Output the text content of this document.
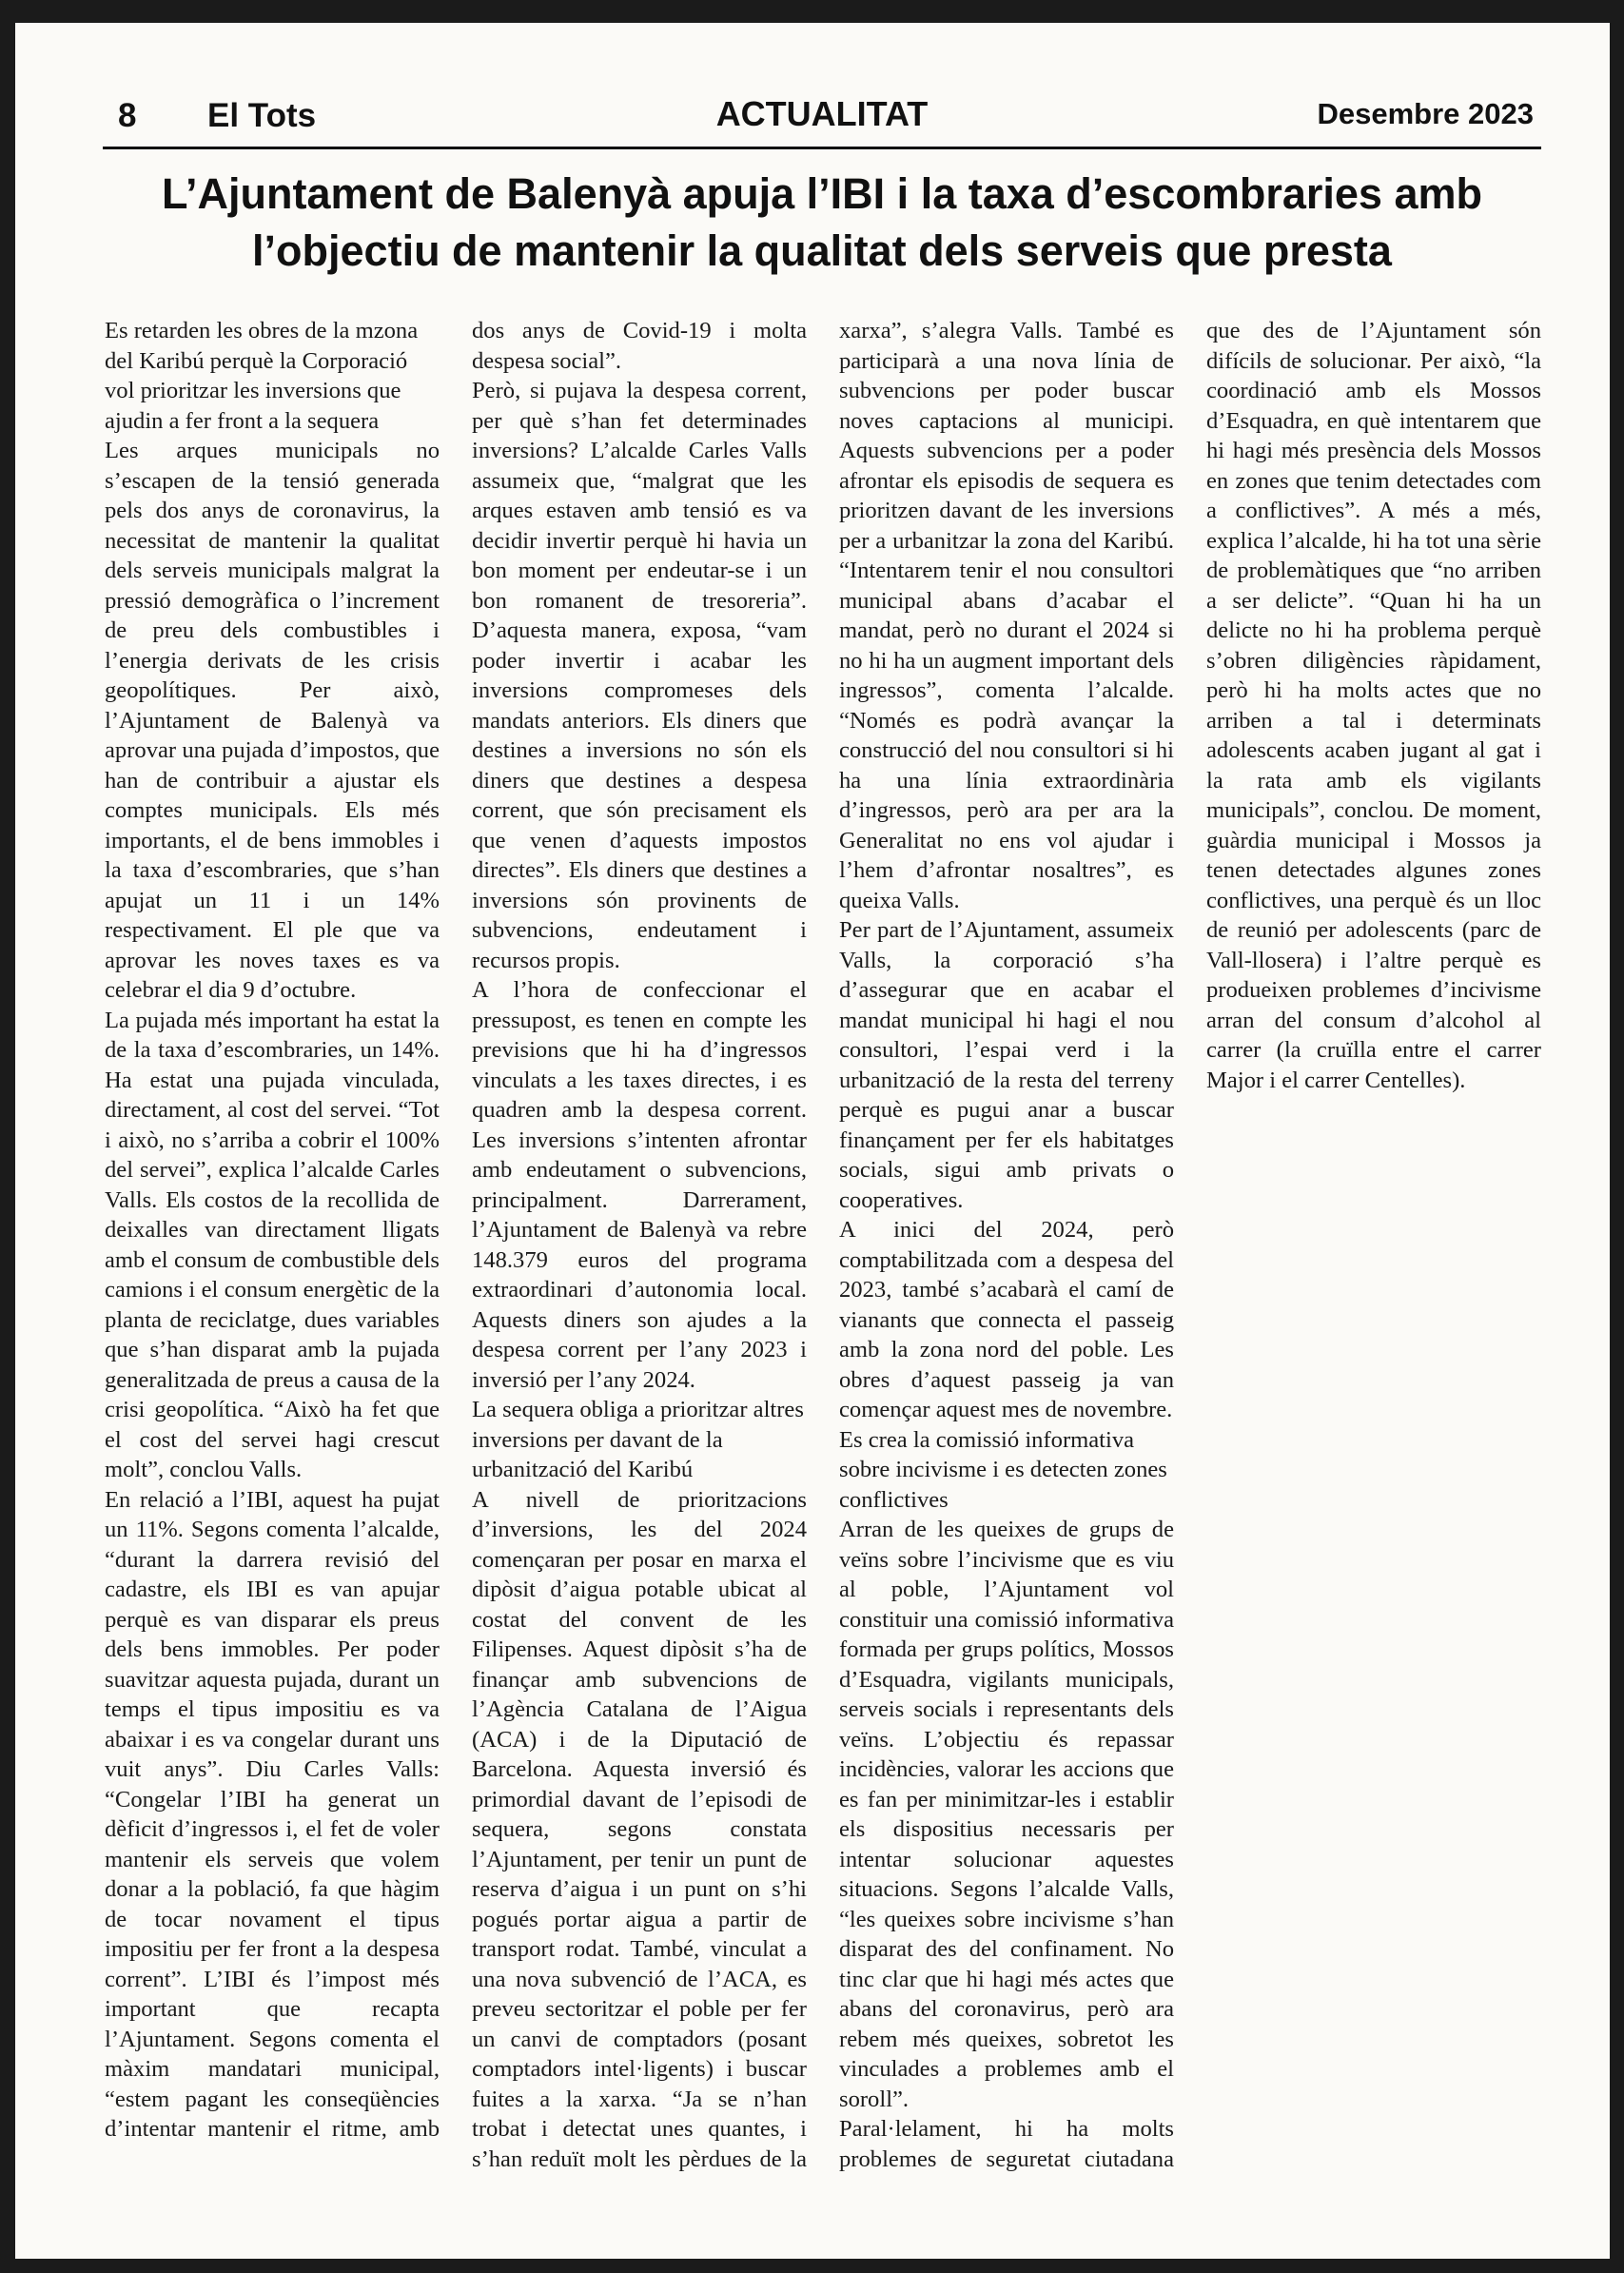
8 El Tots	ACTUALITAT	Desembre 2023
L’Ajuntament de Balenyà apuja l’IBI i la taxa d’escombraries amb l’objectiu de mantenir la qualitat dels serveis que presta

Es retarden les obres de la mzona del Karibú perquè la Corporació vol prioritzar les inversions que ajudin a fer front a la sequera

Les arques municipals no s’escapen de la tensió generada pels dos anys de coronavirus, la necessitat de mantenir la qualitat dels serveis municipals malgrat la pressió demogràfica o l’increment de preu dels combustibles i l’energia derivats de les crisis geopolítiques. Per això, l’Ajuntament de Balenyà va aprovar una pujada d’impostos, que han de contribuir a ajustar els comptes municipals. Els més importants, el de bens immobles i la taxa d’escombraries, que s’han apujat un 11 i un 14% respectivament. El ple que va aprovar les noves taxes es va celebrar el dia 9 d’octubre.

La pujada més important ha estat la de la taxa d’escombraries, un 14%. Ha estat una pujada vinculada, directament, al cost del servei. “Tot i això, no s’arriba a cobrir el 100% del servei”, explica l’alcalde Carles Valls. Els costos de la recollida de deixalles van directament lligats amb el consum de combustible dels camions i el consum energètic de la planta de reciclatge, dues variables que s’han disparat amb la pujada generalitzada de preus a causa de la crisi geopolítica. “Això ha fet que el cost del servei hagi crescut molt”, conclou Valls.

En relació a l’IBI, aquest ha pujat un 11%. Segons comenta l’alcalde, “durant la darrera revisió del cadastre, els IBI es van apujar perquè es van disparar els preus dels bens immobles. Per poder suavitzar aquesta pujada, durant un temps el tipus impositiu es va abaixar i es va congelar durant uns vuit anys”. Diu Carles Valls: “Congelar l’IBI ha generat un dèficit d’ingressos i, el fet de voler mantenir els serveis que volem donar a la població, fa que hàgim de tocar novament el tipus impositiu per fer front a la despesa corrent”. L’IBI és l’impost més important que recapta l’Ajuntament. Segons comenta el màxim mandatari municipal, “estem pagant les conseqüències d’intentar mantenir el ritme, amb dos anys de Covid-19 i molta despesa social”.

Però, si pujava la despesa corrent, per què s’han fet determinades inversions? L’alcalde Carles Valls assumeix que, “malgrat que les arques estaven amb tensió es va decidir invertir perquè hi havia un bon moment per endeutar-se i un bon romanent de tresoreria”. D’aquesta manera, exposa, “vam poder invertir i acabar les inversions compromeses dels mandats anteriors. Els diners que destines a inversions no són els diners que destines a despesa corrent, que són precisament els que venen d’aquests impostos directes”. Els diners que destines a inversions són provinents de subvencions, endeutament i recursos propis.

A l’hora de confeccionar el pressupost, es tenen en compte les previsions que hi ha d’ingressos vinculats a les taxes directes, i es quadren amb la despesa corrent. Les inversions s’intenten afrontar amb endeutament o subvencions, principalment. Darrerament, l’Ajuntament de Balenyà va rebre 148.379 euros del programa extraordinari d’autonomia local. Aquests diners son ajudes a la despesa corrent per l’any 2023 i inversió per l’any 2024.

La sequera obliga a prioritzar altres inversions per davant de la urbanització del Karibú

A nivell de prioritzacions d’inversions, les del 2024 començaran per posar en marxa el dipòsit d’aigua potable ubicat al costat del convent de les Filipenses. Aquest dipòsit s’ha de finançar amb subvencions de l’Agència Catalana de l’Aigua (ACA) i de la Diputació de Barcelona. Aquesta inversió és primordial davant de l’episodi de sequera, segons constata l’Ajuntament, per tenir un punt de reserva d’aigua i un punt on s’hi pogués portar aigua a partir de transport rodat. També, vinculat a una nova subvenció de l’ACA, es preveu sectoritzar el poble per fer un canvi de comptadors (posant comptadors intel·ligents) i buscar fuites a la xarxa. “Ja se n’han trobat i detectat unes quantes, i s’han reduït molt les pèrdues de la xarxa”, s’alegra Valls. També es participarà a una nova línia de subvencions per poder buscar noves captacions al municipi. Aquests subvencions per a poder afrontar els episodis de sequera es prioritzen davant de les inversions per a urbanitzar la zona del Karibú. “Intentarem tenir el nou consultori municipal abans d’acabar el mandat, però no durant el 2024 si no hi ha un augment important dels ingressos”, comenta l’alcalde. “Només es podrà avançar la construcció del nou consultori si hi ha una línia extraordinària d’ingressos, però ara per ara la Generalitat no ens vol ajudar i l’hem d’afrontar nosaltres”, es queixa Valls.

Per part de l’Ajuntament, assumeix Valls, la corporació s’ha d’assegurar que en acabar el mandat municipal hi hagi el nou consultori, l’espai verd i la urbanització de la resta del terreny perquè es pugui anar a buscar finançament per fer els habitatges socials, sigui amb privats o cooperatives.

A inici del 2024, però comptabilitzada com a despesa del 2023, també s’acabarà el camí de vianants que connecta el passeig amb la zona nord del poble. Les obres d’aquest passeig ja van començar aquest mes de novembre.

Es crea la comissió informativa sobre incivisme i es detecten zones conflictives

Arran de les queixes de grups de veïns sobre l’incivisme que es viu al poble, l’Ajuntament vol constituir una comissió informativa formada per grups polítics, Mossos d’Esquadra, vigilants municipals, serveis socials i representants dels veïns. L’objectiu és repassar incidències, valorar les accions que es fan per minimitzar-les i establir els dispositius necessaris per intentar solucionar aquestes situacions. Segons l’alcalde Valls, “les queixes sobre incivisme s’han disparat des del confinament. No tinc clar que hi hagi més actes que abans del coronavirus, però ara rebem més queixes, sobretot les vinculades a problemes amb el soroll”.

Paral·lelament, hi ha molts problemes de seguretat ciutadana que des de l’Ajuntament són difícils de solucionar. Per això, “la coordinació amb els Mossos d’Esquadra, en què intentarem que hi hagi més presència dels Mossos en zones que tenim detectades com a conflictives”. A més a més, explica l’alcalde, hi ha tot una sèrie de problemàtiques que “no arriben a ser delicte”. “Quan hi ha un delicte no hi ha problema perquè s’obren diligències ràpidament, però hi ha molts actes que no arriben a tal i determinats adolescents acaben jugant al gat i la rata amb els vigilants municipals”, conclou. De moment, guàrdia municipal i Mossos ja tenen detectades algunes zones conflictives, una perquè és un lloc de reunió per adolescents (parc de Vall-llosera) i l’altre perquè es produeixen problemes d’incivisme arran del consum d’alcohol al carrer (la cruïlla entre el carrer Major i el carrer Centelles).
